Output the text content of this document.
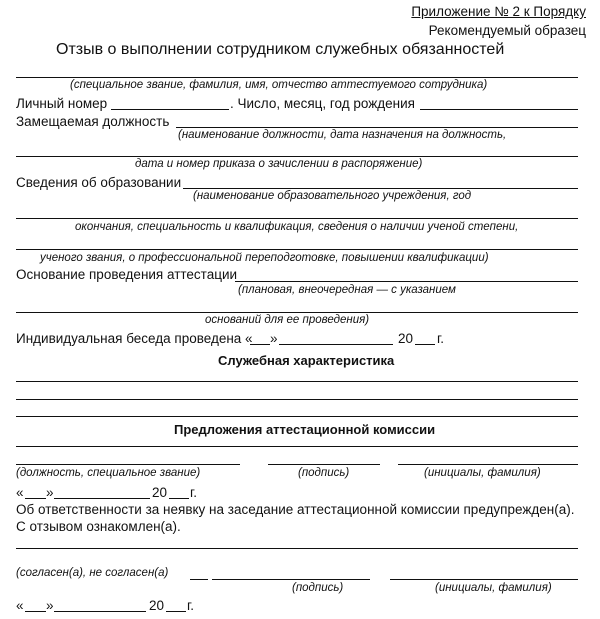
Приложение № 2 к Порядку
Рекомендуемый образец
Отзыв о выполнении сотрудником служебных обязанностей
(специальное звание, фамилия, имя, отчество аттестуемого сотрудника)
Личный номер	. Число, месяц, год рождения
Замещаемая должность
(наименование должности, дата назначения на должность,
дата и номер приказа о зачислении в распоряжение)
Сведения об образовании
(наименование образовательного учреждения, год
окончания, специальность и квалификация, сведения о наличии ученой степени,
ученого звания, о профессиональной переподготовке, повышении квалификации)
Основание проведения аттестации
(плановая, внеочередная — с указанием
оснований для ее проведения)
Индивидуальная беседа проведена « »	20 г.
Служебная характеристика
Предложения аттестационной комиссии
(должность, специальное звание)	(подпись)	(инициалы, фамилия)
« »	20 г.
Об ответственности за неявку на заседание аттестационной комиссии предупрежден(а).
С отзывом ознакомлен(а).
(согласен(а), не согласен(а)
(подпись)	(инициалы, фамилия)
« »	20 г.
